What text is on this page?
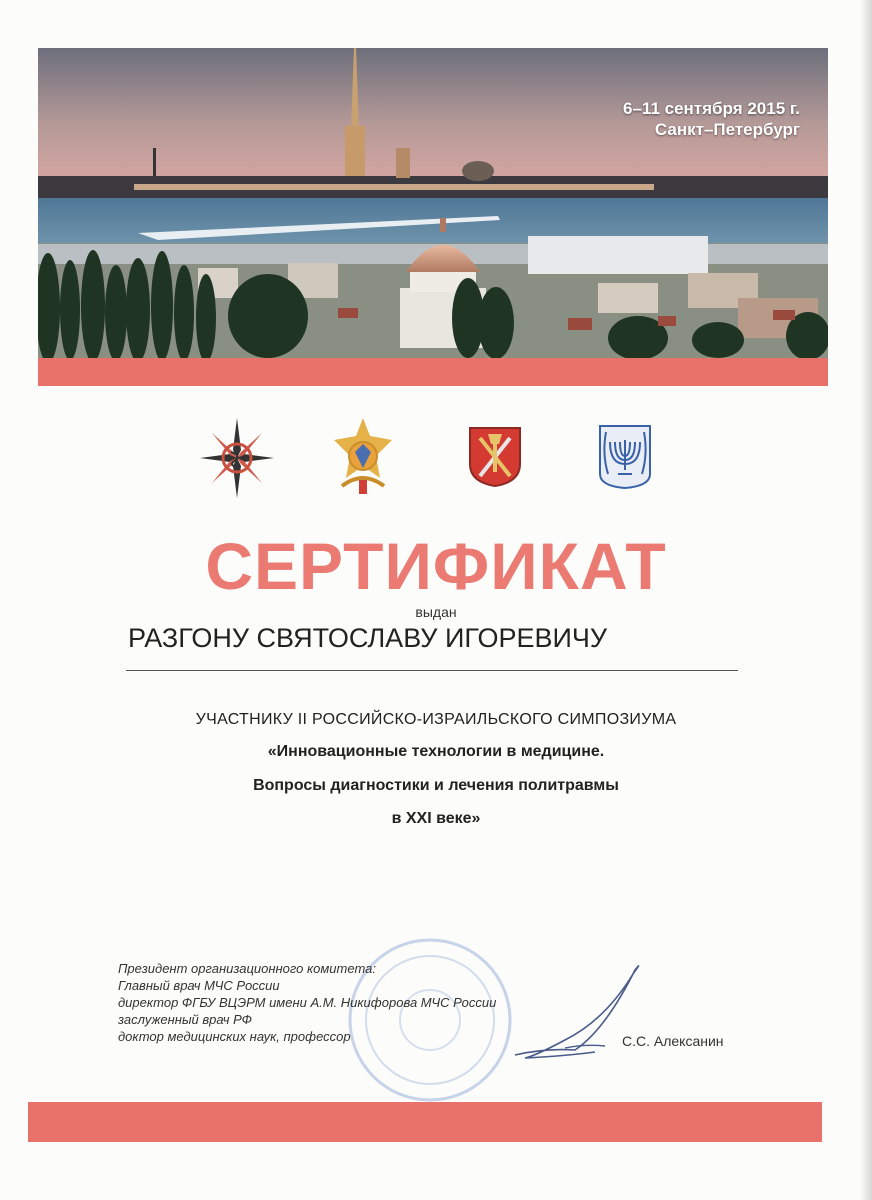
6–11 сентября 2015 г.
Санкт–Петербург
СЕРТИФИКАТ
выдан
РАЗГОНУ СВЯТОСЛАВУ ИГОРЕВИЧУ
УЧАСТНИКУ II РОССИЙСКО-ИЗРАИЛЬСКОГО СИМПОЗИУМА
«Инновационные технологии в медицине.
Вопросы диагностики и лечения политравмы
в XXI веке»
Президент организационного комитета:
Главный врач МЧС России
директор ФГБУ ВЦЭРМ имени А.М. Никифорова МЧС России
заслуженный врач РФ
доктор медицинских наук, профессор	С.С. Алексанин
